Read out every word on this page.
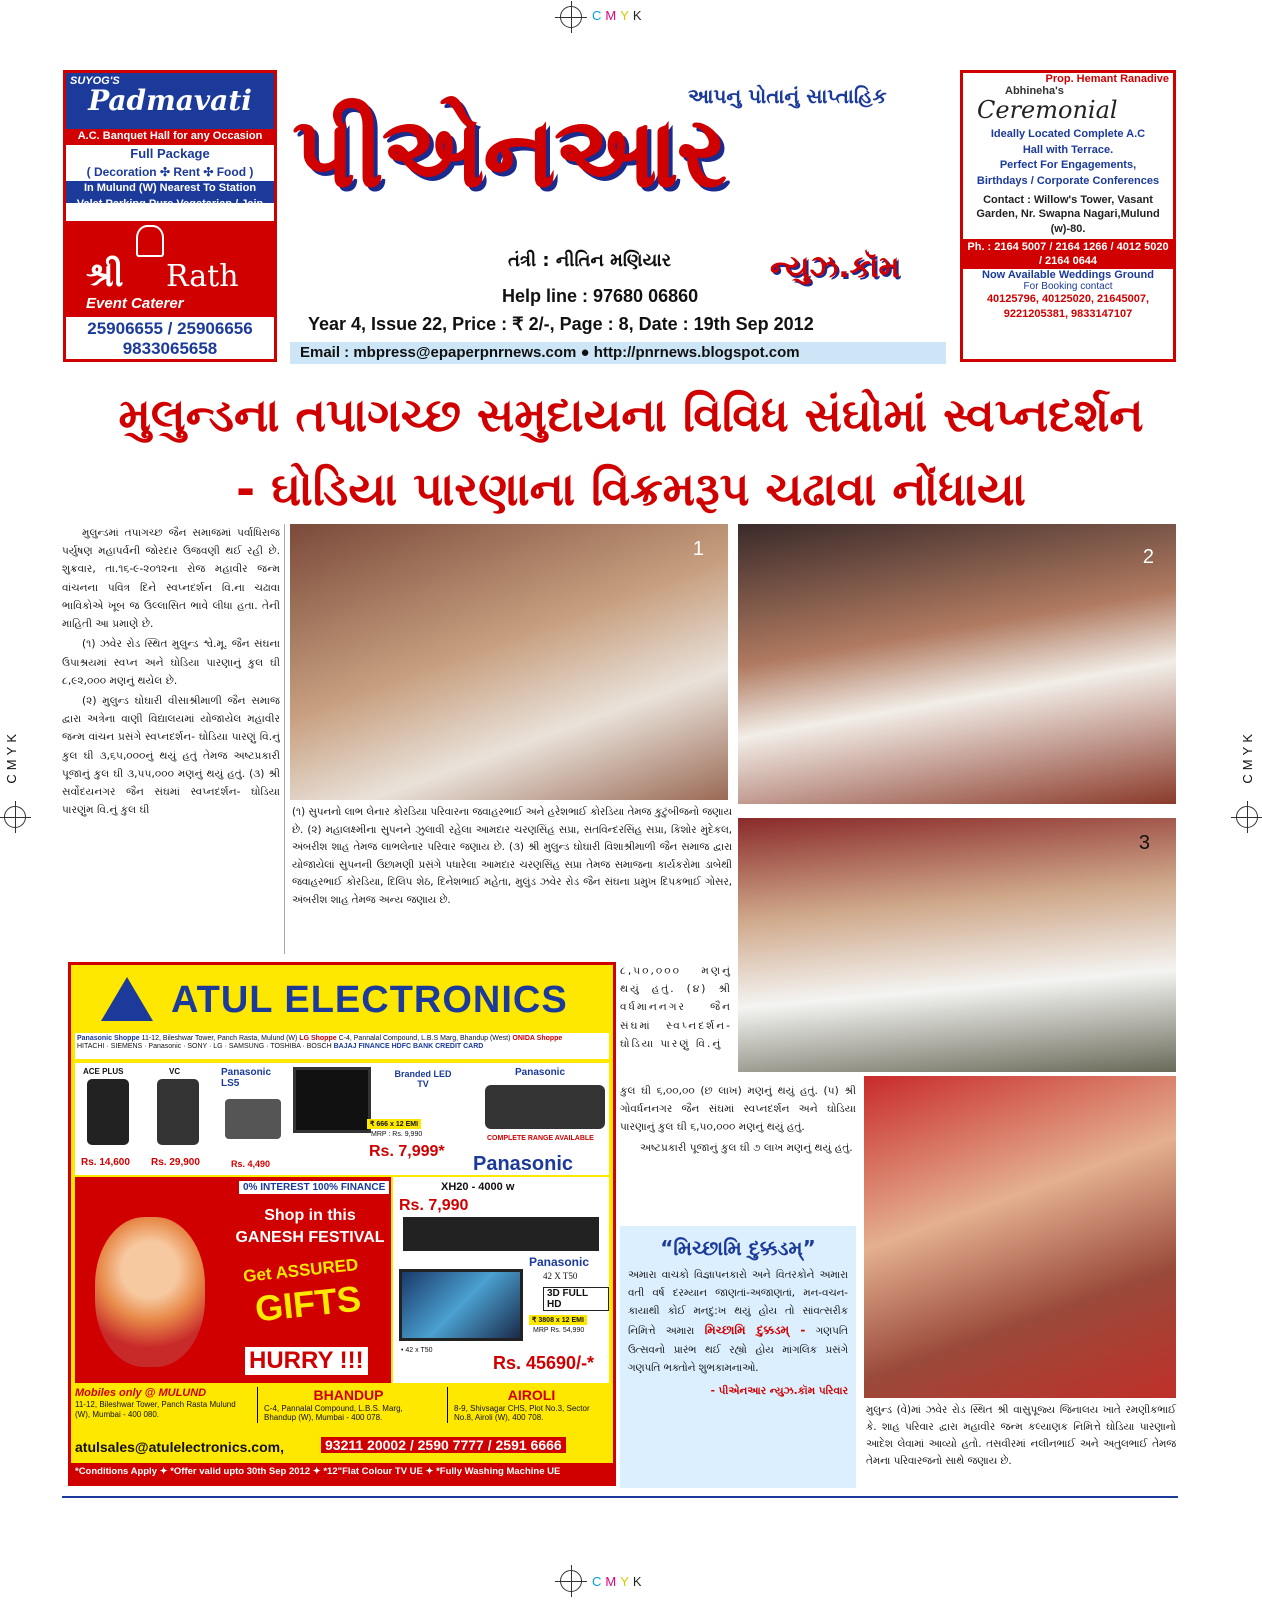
CMYK
CMYK
CMYK
CMYK
SUYOG'S
Padmavati
A.C. Banquet Hall for any Occasion
Full Package
( Decoration ✣ Rent ✣ Food )
In Mulund (W) Nearest To Station
Valet Parking Pure Vegetarian / Jain
શ્રી Rath
Event Caterer
25906655 / 25906656
9833065658
આપનુ પોતાનું સાપ્તાહિક
પીએનઆર
તંત્રી : નીતિન મણિયાર	ન્યુઝ.કૉમ
Help line : 97680 06860
Year 4, Issue 22, Price : ₹ 2/-, Page : 8, Date : 19th Sep 2012
Email : mbpress@epaperpnrnews.com ● http://pnrnews.blogspot.com
Prop. Hemant Ranadive
Abhineha's
Ceremonial
Ideally Located Complete A.C
Hall with Terrace.
Perfect For Engagements,
Birthdays / Corporate Conferences
Contact : Willow's Tower, Vasant Garden, Nr. Swapna Nagari,Mulund (w)-80.
Ph. : 2164 5007 / 2164 1266 / 4012 5020 / 2164 0644
Now Available Weddings Ground
For Booking contact
40125796, 40125020, 21645007, 9221205381, 9833147107
મુલુન્ડના તપાગચ્છ સમુદાયના વિવિધ સંઘોમાં સ્વપ્નદર્શન
- ઘોડિયા પારણાના વિક્રમરૂપ ચઢાવા નોંધાયા

મુલુન્ડમાં તપાગચ્છ જૈન સમાજમાં પર્વાધિરાજ પર્યુષણ મહાપર્વની જોરદાર ઉજવણી થઈ રહી છે. શુક્રવાર, તા.૧૬-૯-૨૦૧૨ના રોજ મહાવીર જન્મ વાંચનના પવિત્ર દિને સ્વપ્નદર્શન વિ.ના ચઢાવા ભાવિકોએ ખૂબ જ ઉલ્લાસિત ભાવે લીધા હતા. તેની માહિતી આ પ્રમાણે છે.

(૧) ઝવેર રોડ સ્થિત મુલુન્ડ શ્વે.મૂ. જૈન સંઘના ઉપાશ્રયમાં સ્વપ્ન અને ઘોડિયા પારણાનું કુલ ઘી ૮,૯૨,૦૦૦ મણનું થયેલ છે.

(૨) મુલુન્ડ ઘોઘારી વીસાશ્રીમાળી જૈન સમાજ દ્વારા અત્રેના વાણી વિદ્યાલયમાં યોજાયેલ મહાવીર જન્મ વાંચન પ્રસંગે સ્વપ્નદર્શન- ઘોડિયા પારણું વિ.નું કુલ ઘી ૩,૬૫,૦૦૦નું થયું હતું તેમજ અષ્ટપ્રકારી પૂજાનું કુલ ઘી ૩,૫૫,૦૦૦ મણનું થયું હતું. (૩) શ્રી સર્વોદયનગર જૈન સંઘમાં સ્વપ્નદર્શન- ઘોડિયા પારણુંમ વિ.નું કુલ ઘી

1	2
(૧) સુપનનો લાભ લેનાર કોરડિયા પરિવારના જવાહરભાઈ અને હરેશભાઈ કોરડિયા તેમજ કુટુંબીજનો જણાય છે. (૨) મહાલક્ષ્મીના સુપનને ઝુલાવી રહેલા આમદાર ચરણસિંહ સપ્રા, સતવિન્દરસિંહ સપ્રા, કિશોર મુંદેકલ, અંબરીશ શાહ તેમજ લાભલેનાર પરિવાર જણાય છે. (૩) શ્રી મુલુન્ડ ઘોઘારી વિશાશ્રીમાળી જૈન સમાજ દ્વારા યોજાયેલાં સુપનની ઉછામણી પ્રસંગે પધારેલા આમદાર ચરણસિંહ સપ્રા તેમજ સમાજના કાર્યકરોમા ડાબેથી જવાહરભાઈ કોરડિયા, દિલિપ શેઠ, દિનેશભાઈ મહેતા, મુલુંડ ઝવેર રોડ જૈન સંઘના પ્રમુખ દિપકભાઈ ગોસર, અંબરીશ શાહ તેમજ અન્ય જણાય છે.
3
મુલુન્ડ (વે)માં ઝવેર રોડ સ્થિત શ્રી વાસુપૂજ્ય જિનાલય ખાતે રમણીકભાઈ કે. શાહ પરિવાર દ્વારા મહાવીર જન્મ કલ્યાણક નિમિત્તે ઘોડિયા પારણાનો આદેશ લેવામાં આવ્યો હતો. તસવીરમાં નલીનભાઈ અને અતુલભાઈ તેમજ તેમના પરિવારજનો સાથે જણાય છે.
૮,૫૦,૦૦૦ મણનું થયું હતું. (૪) શ્રી વર્ધમાનનગર જૈન સંઘમાં સ્વપ્નદર્શન- ઘોડિયા પારણું વિ.નું

કુલ ઘી ૬,૦૦,૦૦ (છ લાખ) મણનું થયું હતું. (૫) શ્રી ગોવર્ધનનગર જૈન સંઘમાં સ્વપ્નદર્શન અને ઘોડિયા પારણાનું કુલ ઘી ૬,૫૦,૦૦૦ મણનું થયું હતું.

અષ્ટપ્રકારી પૂજાનું કુલ ઘી ૭ લાખ મણનું થયું હતું.

“મિચ્છામિ દુક્કડમ્”
અમારા વાચકો વિજ્ઞાપનકારો અને વિતરકોને અમારા વતી વર્ષ દરમ્યાન જાણતાં-અજાણતાં, મન-વચન-કાયાથી કોઈ મનદુ:ખ થયું હોય તો સાંવત્સરીક નિમિત્તે અમારા મિચ્છામિ દુક્કડમ્ - ગણપતિ ઉત્સવનો પ્રારંભ થઈ રહ્યો હોય માંગલિક પ્રસંગે ગણપતિ ભક્તોને શુભકામનાઓ.
- પીએનઆર ન્યુઝ.કૉમ પરિવાર
ATUL ELECTRONICS
Panasonic Shoppe 11-12, Bileshwar Tower, Panch Rasta, Mulund (W) LG Shoppe C-4, Pannalal Compound, L.B.S Marg, Bhandup (West) ONIDA Shoppe
HITACHI · SIEMENS · Panasonic · SONY · LG · SAMSUNG · TOSHIBA · BOSCH BAJAJ FINANCE HDFC BANK CREDIT CARD
ACE PLUS
Rs. 14,600
VC
Rs. 29,900
Panasonic LS5
Rs. 4,490
Branded LED TV
₹ 666 x 12 EMI
MRP : Rs. 9,990
Rs. 7,999*
Panasonic
COMPLETE RANGE AVAILABLE
Panasonic
0% INTEREST 100% FINANCE
Shop in this
GANESH FESTIVAL
Get ASSURED
GIFTS
HURRY !!!
XH20 - 4000 w
Rs. 7,990
Panasonic
42 X T50
3D FULL HD
₹ 3808 x 12 EMI
MRP Rs. 54,990
• 42 x T50
Rs. 45690/-*
Mobiles only @ MULUND
11-12, Bileshwar Tower, Panch Rasta Mulund (W), Mumbai - 400 080.
BHANDUP
C-4, Pannalal Compound, L.B.S. Marg, Bhandup (W), Mumbai - 400 078.
AIROLI
8-9, Shivsagar CHS, Plot No.3, Sector No.8, Airoli (W), 400 708.
atulsales@atulelectronics.com,	93211 20002 / 2590 7777 / 2591 6666
*Conditions Apply ✦ *Offer valid upto 30th Sep 2012 ✦ *12"Flat Colour TV UE ✦ *Fully Washing Machine UE
